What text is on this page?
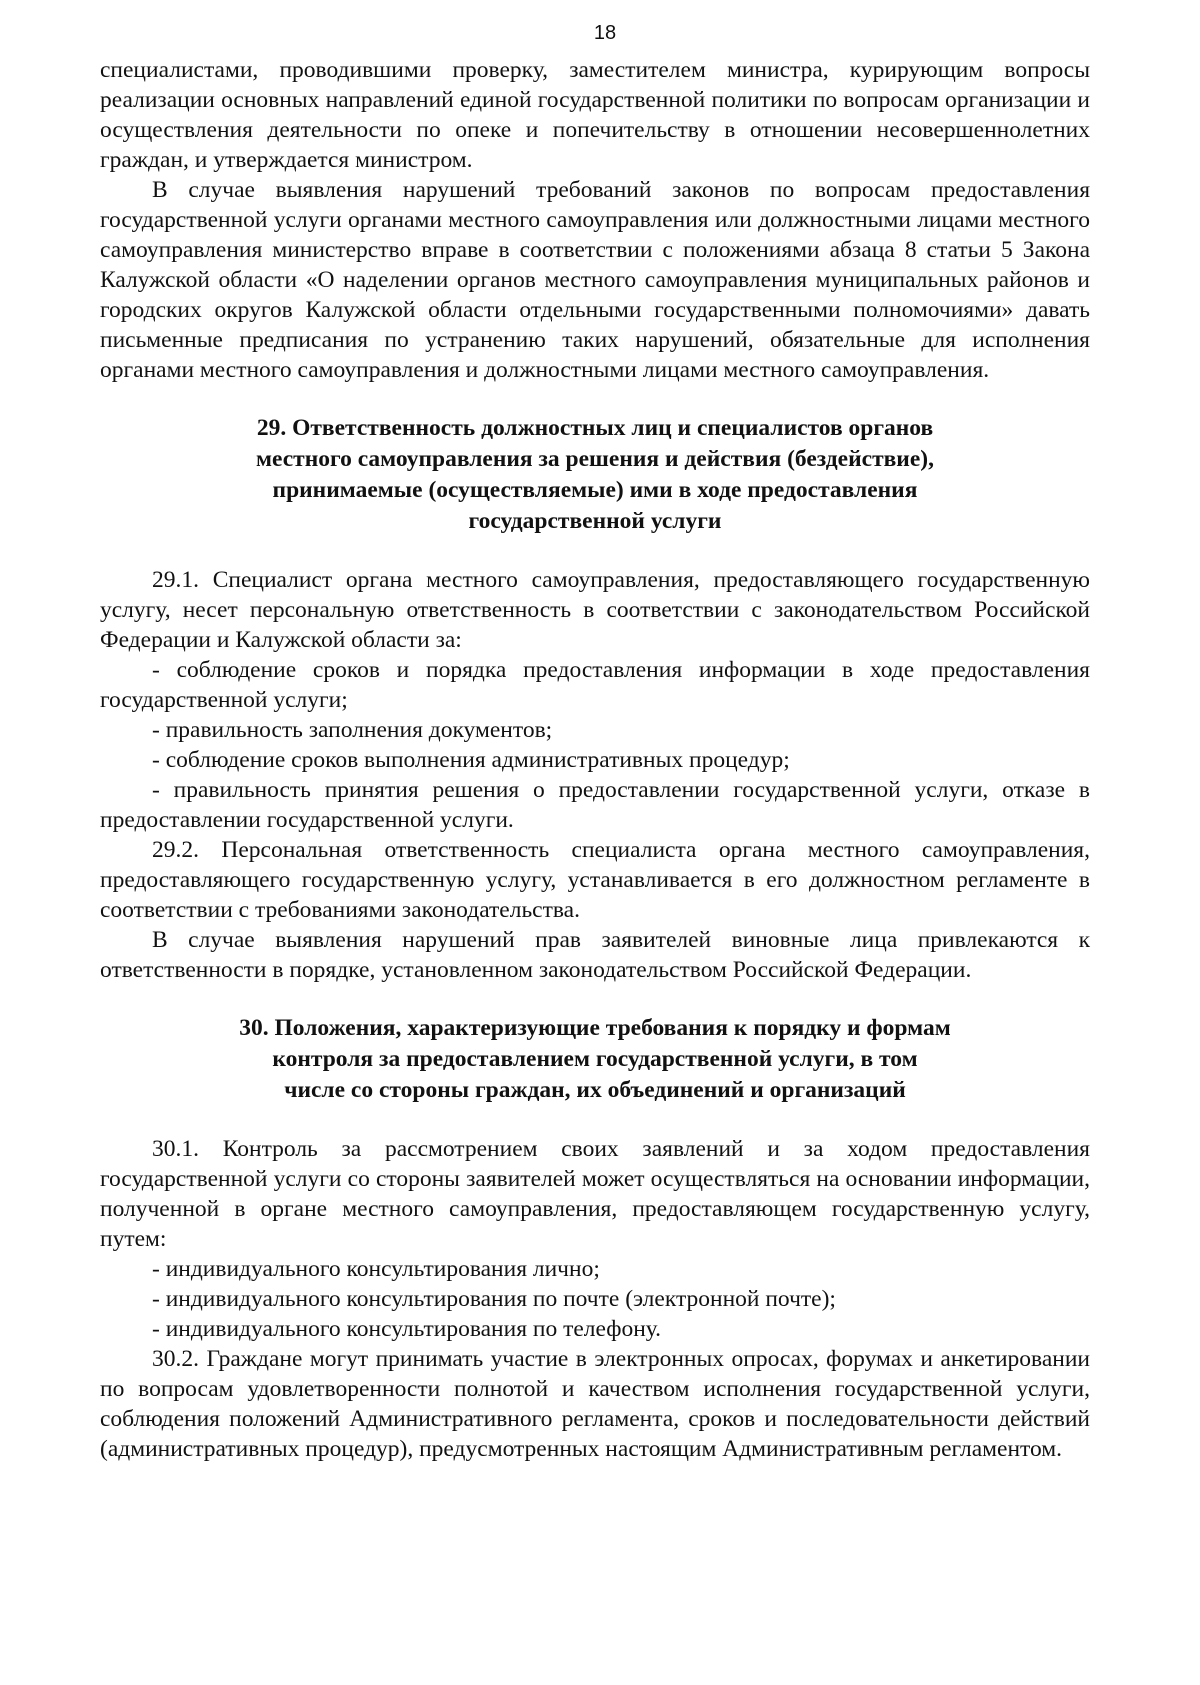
18

специалистами, проводившими проверку, заместителем министра, курирующим вопросы реализации основных направлений единой государственной политики по вопросам организации и осуществления деятельности по опеке и попечительству в отношении несовершеннолетних граждан, и утверждается министром.

В случае выявления нарушений требований законов по вопросам предоставления государственной услуги органами местного самоуправления или должностными лицами местного самоуправления министерство вправе в соответствии с положениями абзаца 8 статьи 5 Закона Калужской области «О наделении органов местного самоуправления муниципальных районов и городских округов Калужской области отдельными государственными полномочиями» давать письменные предписания по устранению таких нарушений, обязательные для исполнения органами местного самоуправления и должностными лицами местного самоуправления.

29. Ответственность должностных лиц и специалистов органов
местного самоуправления за решения и действия (бездействие),
принимаемые (осуществляемые) ими в ходе предоставления
государственной услуги

29.1. Специалист органа местного самоуправления, предоставляющего государственную услугу, несет персональную ответственность в соответствии с законодательством Российской Федерации и Калужской области за:

- соблюдение сроков и порядка предоставления информации в ходе предоставления государственной услуги;

- правильность заполнения документов;

- соблюдение сроков выполнения административных процедур;

- правильность принятия решения о предоставлении государственной услуги, отказе в предоставлении государственной услуги.

29.2. Персональная ответственность специалиста органа местного самоуправления, предоставляющего государственную услугу, устанавливается в его должностном регламенте в соответствии с требованиями законодательства.

В случае выявления нарушений прав заявителей виновные лица привлекаются к ответственности в порядке, установленном законодательством Российской Федерации.

30. Положения, характеризующие требования к порядку и формам
контроля за предоставлением государственной услуги, в том
числе со стороны граждан, их объединений и организаций

30.1. Контроль за рассмотрением своих заявлений и за ходом предоставления государственной услуги со стороны заявителей может осуществляться на основании информации, полученной в органе местного самоуправления, предоставляющем государственную услугу, путем:

- индивидуального консультирования лично;

- индивидуального консультирования по почте (электронной почте);

- индивидуального консультирования по телефону.

30.2. Граждане могут принимать участие в электронных опросах, форумах и анкетировании по вопросам удовлетворенности полнотой и качеством исполнения государственной услуги, соблюдения положений Административного регламента, сроков и последовательности действий (административных процедур), предусмотренных настоящим Административным регламентом.
